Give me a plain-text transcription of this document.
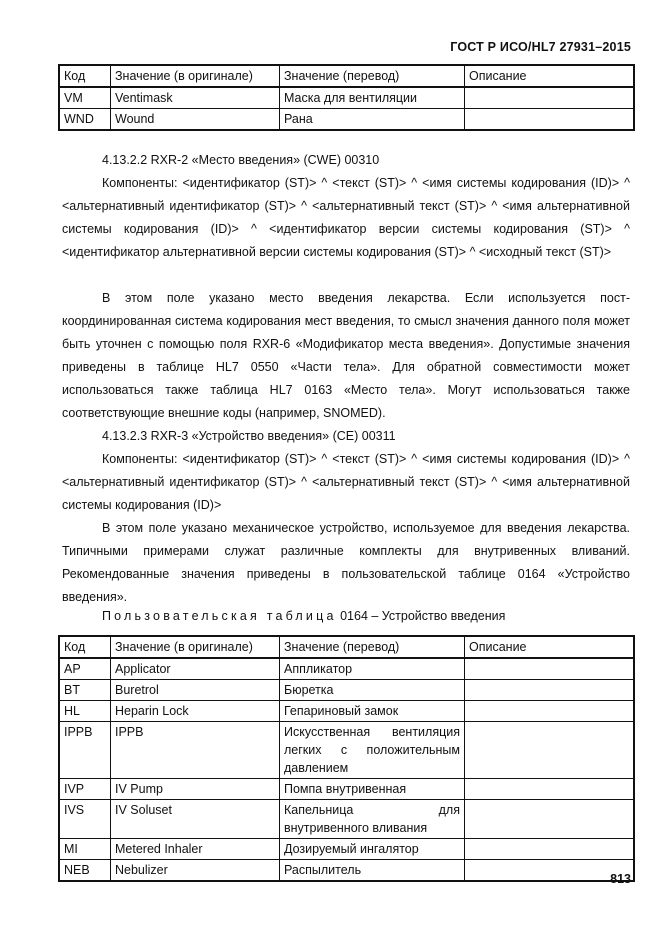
ГОСТ Р ИСО/HL7 27931–2015
Код	Значение (в оригинале)	Значение (перевод)	Описание
VM	Ventimask	Маска для вентиляции	
WND	Wound	Рана	

4.13.2.2 RXR-2 «Место введения» (CWE) 00310

Компоненты: <идентификатор (ST)> ^ <текст (ST)> ^ <имя системы кодирования (ID)> ^ <альтернативный идентификатор (ST)> ^ <альтернативный текст (ST)> ^ <имя альтернативной системы кодирования (ID)> ^ <идентификатор версии системы кодирования (ST)> ^ <идентификатор альтернативной версии системы кодирования (ST)> ^ <исходный текст (ST)>

В этом поле указано место введения лекарства. Если используется пост-координированная система кодирования мест введения, то смысл значения данного поля может быть уточнен с помощью поля RXR-6 «Модификатор места введения». Допустимые значения приведены в таблице HL7 0550 «Части тела». Для обратной совместимости может использоваться также таблица HL7 0163 «Место тела». Могут использоваться также соответствующие внешние коды (например, SNOMED).

4.13.2.3 RXR-3 «Устройство введения» (CE) 00311

Компоненты: <идентификатор (ST)> ^ <текст (ST)> ^ <имя системы кодирования (ID)> ^ <альтернативный идентификатор (ST)> ^ <альтернативный текст (ST)> ^ <имя альтернативной системы кодирования (ID)>

В этом поле указано механическое устройство, используемое для введения лекарства. Типичными примерами служат различные комплекты для внутривенных вливаний. Рекомендованные значения приведены в пользовательской таблице 0164 «Устройство введения».

Пользовательская таблица 0164 – Устройство введения
Код	Значение (в оригинале)	Значение (перевод)	Описание
AP	Applicator	Аппликатор	
BT	Buretrol	Бюретка	
HL	Heparin Lock	Гепариновый замок	
IPPB	IPPB	Искусственная вентиляция легких с положительным давлением	
IVP	IV Pump	Помпа внутривенная	
IVS	IV Soluset	Капельница для внутривенного вливания	
MI	Metered Inhaler	Дозируемый ингалятор	
NEB	Nebulizer	Распылитель	
813
